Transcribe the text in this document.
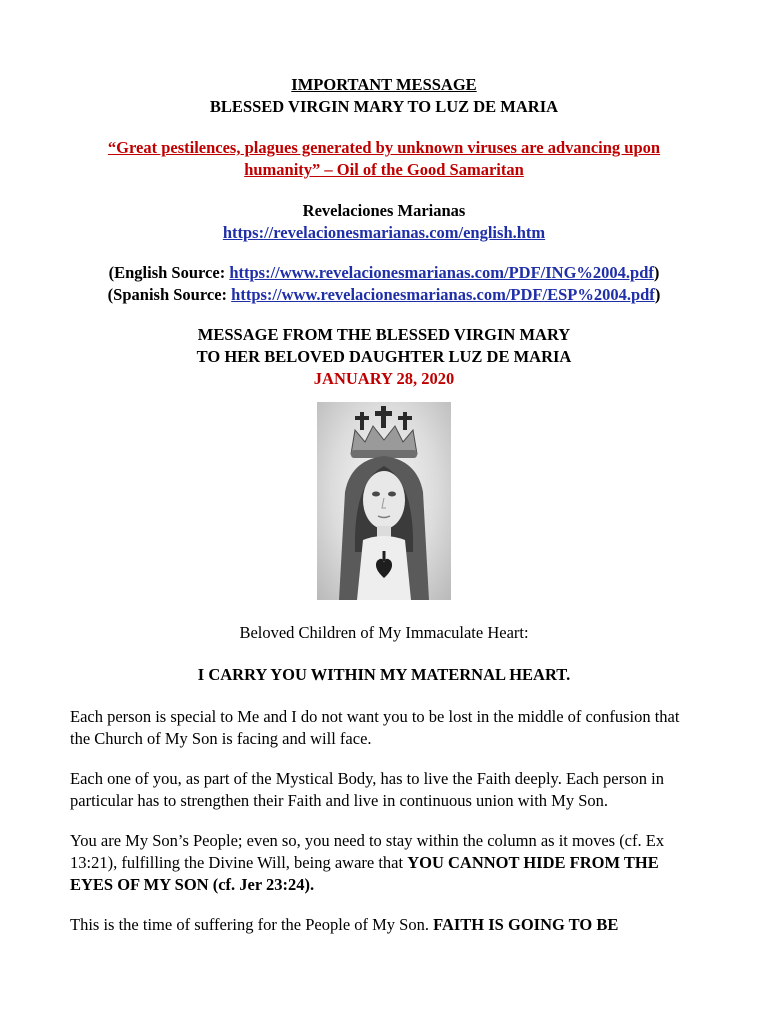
IMPORTANT MESSAGE
BLESSED VIRGIN MARY TO LUZ DE MARIA
“Great pestilences, plagues generated by unknown viruses are advancing upon
humanity” – Oil of the Good Samaritan
Revelaciones Marianas
https://revelacionesmarianas.com/english.htm
(English Source: https://www.revelacionesmarianas.com/PDF/ING%2004.pdf)
(Spanish Source: https://www.revelacionesmarianas.com/PDF/ESP%2004.pdf)
MESSAGE FROM THE BLESSED VIRGIN MARY
TO HER BELOVED DAUGHTER LUZ DE MARIA
JANUARY 28, 2020
Beloved Children of My Immaculate Heart:
I CARRY YOU WITHIN MY MATERNAL HEART.

Each person is special to Me and I do not want you to be lost in the middle of confusion that the Church of My Son is facing and will face.

Each one of you, as part of the Mystical Body, has to live the Faith deeply. Each person in particular has to strengthen their Faith and live in continuous union with My Son.

You are My Son’s People; even so, you need to stay within the column as it moves (cf. Ex 13:21), fulfilling the Divine Will, being aware that YOU CANNOT HIDE FROM THE EYES OF MY SON (cf. Jer 23:24).

This is the time of suffering for the People of My Son. FAITH IS GOING TO BE
